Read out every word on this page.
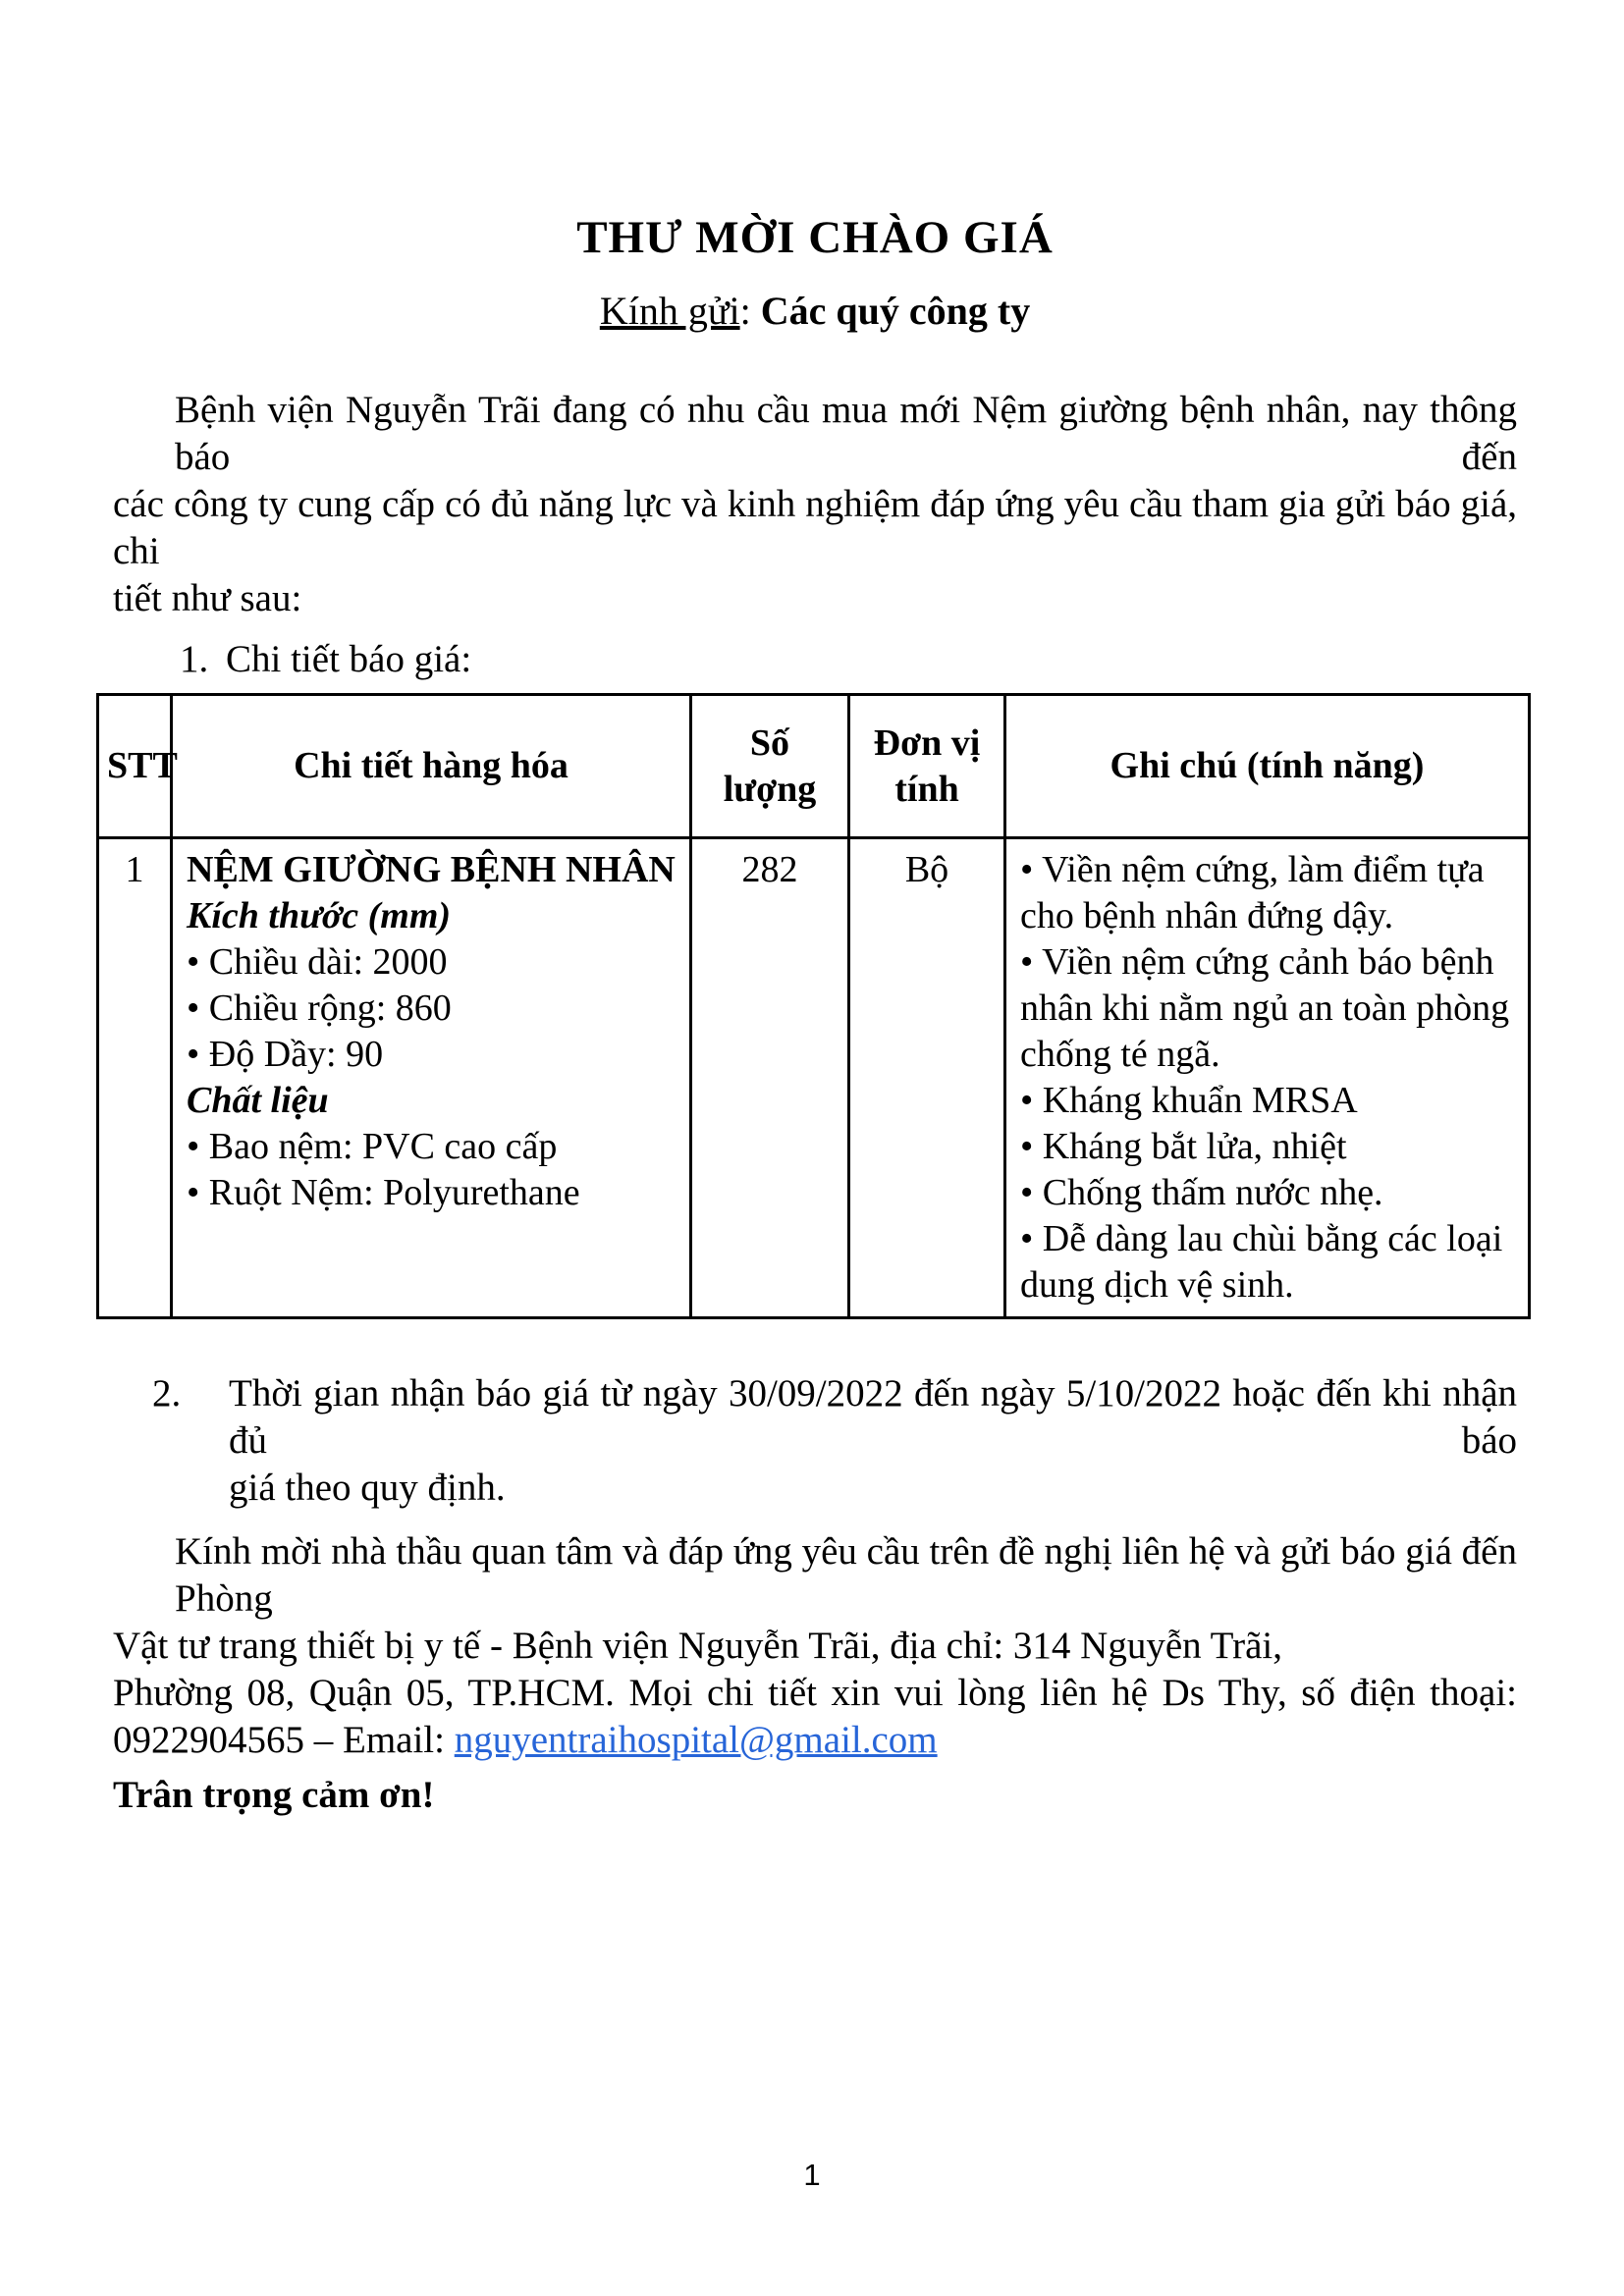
THƯ MỜI CHÀO GIÁ
Kính gửi: Các quý công ty
Bệnh viện Nguyễn Trãi đang có nhu cầu mua mới Nệm giường bệnh nhân, nay thông báo đến
các công ty cung cấp có đủ năng lực và kinh nghiệm đáp ứng yêu cầu tham gia gửi báo giá, chi
tiết như sau:
1. Chi tiết báo giá:
STT	Chi tiết hàng hóa	Số lượng	Đơn vị tính	Ghi chú (tính năng)
1	NỆM GIƯỜNG BỆNH NHÂN
Kích thước (mm)
• Chiều dài: 2000
• Chiều rộng: 860
• Độ Dầy: 90
Chất liệu
• Bao nệm: PVC cao cấp
• Ruột Nệm: Polyurethane
	282	Bộ	• Viền nệm cứng, làm điểm tựa cho bệnh nhân đứng dậy.
• Viền nệm cứng cảnh báo bệnh nhân khi nằm ngủ an toàn phòng chống té ngã.
• Kháng khuẩn MRSA
• Kháng bắt lửa, nhiệt
• Chống thấm nước nhẹ.
• Dễ dàng lau chùi bằng các loại dung dịch vệ sinh.
2.	Thời gian nhận báo giá từ ngày 30/09/2022 đến ngày 5/10/2022 hoặc đến khi nhận đủ báo
giá theo quy định.
Kính mời nhà thầu quan tâm và đáp ứng yêu cầu trên đề nghị liên hệ và gửi báo giá đến Phòng
Vật tư trang thiết bị y tế - Bệnh viện Nguyễn Trãi, địa chỉ: 314 Nguyễn Trãi,
Phường 08, Quận 05, TP.HCM. Mọi chi tiết xin vui lòng liên hệ Ds Thy, số điện thoại:
0922904565 – Email: nguyentraihospital@gmail.com
Trân trọng cảm ơn!
1
